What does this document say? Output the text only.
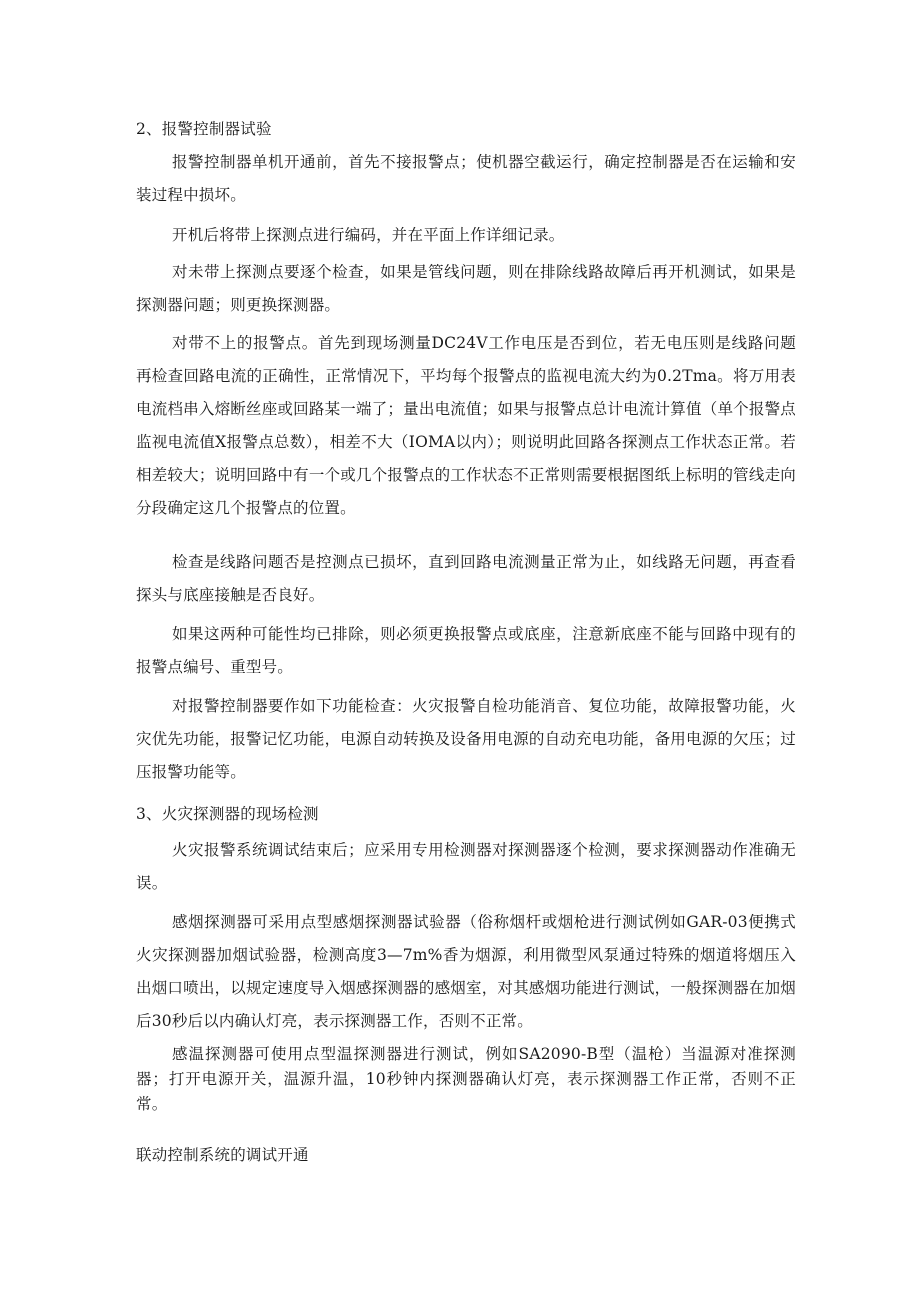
2、报警控制器试验

报警控制器单机开通前，首先不接报警点；使机器空截运行，确定控制器是否在运输和安装过程中损坏。

开机后将带上探测点进行编码，并在平面上作详细记录。

对未带上探测点要逐个检查，如果是管线问题，则在排除线路故障后再开机测试，如果是探测器问题；则更换探测器。

对带不上的报警点。首先到现场测量DC24V工作电压是否到位，若无电压则是线路问题 再检查回路电流的正确性，正常情况下，平均每个报警点的监视电流大约为0.2Tma。将万用表电流档串入熔断丝座或回路某一端了；量出电流值；如果与报警点总计电流计算值（单个报警点监视电流值X报警点总数），相差不大（IOMA以内）；则说明此回路各探测点工作状态正常。若相差较大；说明回路中有一个或几个报警点的工作状态不正常则需要根据图纸上标明的管线走向分段确定这几个报警点的位置。

检查是线路问题否是控测点已损坏，直到回路电流测量正常为止，如线路无问题，再查看探头与底座接触是否良好。

如果这两种可能性均已排除，则必须更换报警点或底座，注意新底座不能与回路中现有的报警点编号、重型号。

对报警控制器要作如下功能检查：火灾报警自检功能消音、复位功能，故障报警功能，火灾优先功能，报警记忆功能，电源自动转换及设备用电源的自动充电功能，备用电源的欠压；过压报警功能等。

3、火灾探测器的现场检测

火灾报警系统调试结束后；应采用专用检测器对探测器逐个检测，要求探测器动作准确无误。

感烟探测器可采用点型感烟探测器试验器（俗称烟杆或烟枪进行测试例如GAR-03便携式火灾探测器加烟试验器，检测高度3—7m%香为烟源，利用微型风泵通过特殊的烟道将烟压入出烟口喷出，以规定速度导入烟感探测器的感烟室，对其感烟功能进行测试，一般探测器在加烟后30秒后以内确认灯亮，表示探测器工作，否则不正常。

感温探测器可使用点型温探测器进行测试，例如SA2090-B型（温枪）当温源对准探测器；打开电源开关，温源升温，10秒钟内探测器确认灯亮，表示探测器工作正常，否则不正常。

联动控制系统的调试开通
